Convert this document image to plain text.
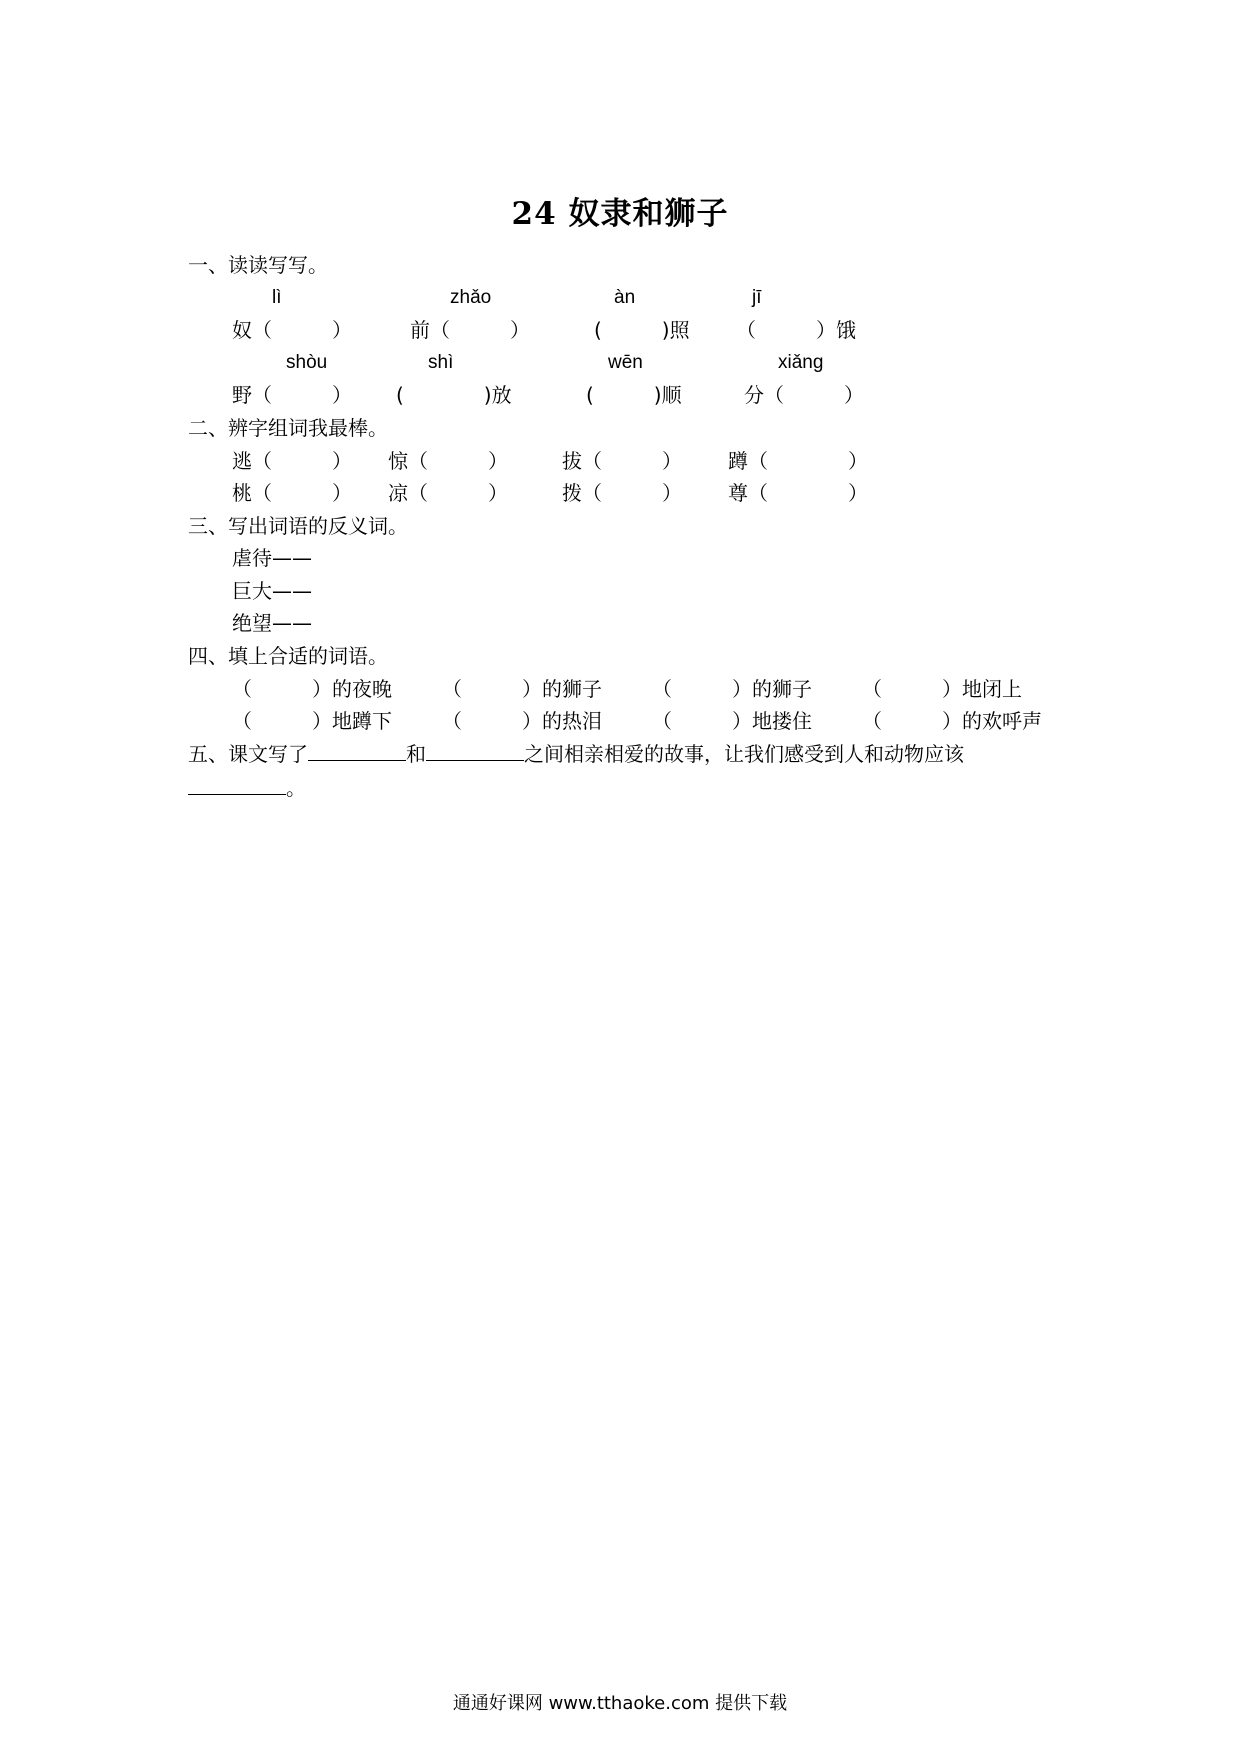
24 奴隶和狮子
一、读读写写。
lì	zhǎo	àn	jī
奴（　　　）	前（　　　）	(　　　)照 （　　　）饿
shòu	shì	wēn	xiǎng
野（　　　） (　　　　)放	(　　　)顺	分（　　　）
二、辨字组词我最棒。
逃（　　　） 惊（　　　）	拔（　　　） 蹲（　　　　）
桃（　　　） 凉（　　　）	拨（　　　） 尊（　　　　）
三、写出词语的反义词。
虐待——
巨大——
绝望——
四、填上合适的词语。
（　　　）的夜晚	（　　　）的狮子	（　　　）的狮子	（　　　）地闭上
（　　　）地蹲下	（　　　）的热泪	（　　　）地搂住	（　　　）的欢呼声
五、课文写了	和	之间相亲相爱的故事，让我们感受到人和动物应该
。
通通好课网 www.tthaoke.com 提供下载
